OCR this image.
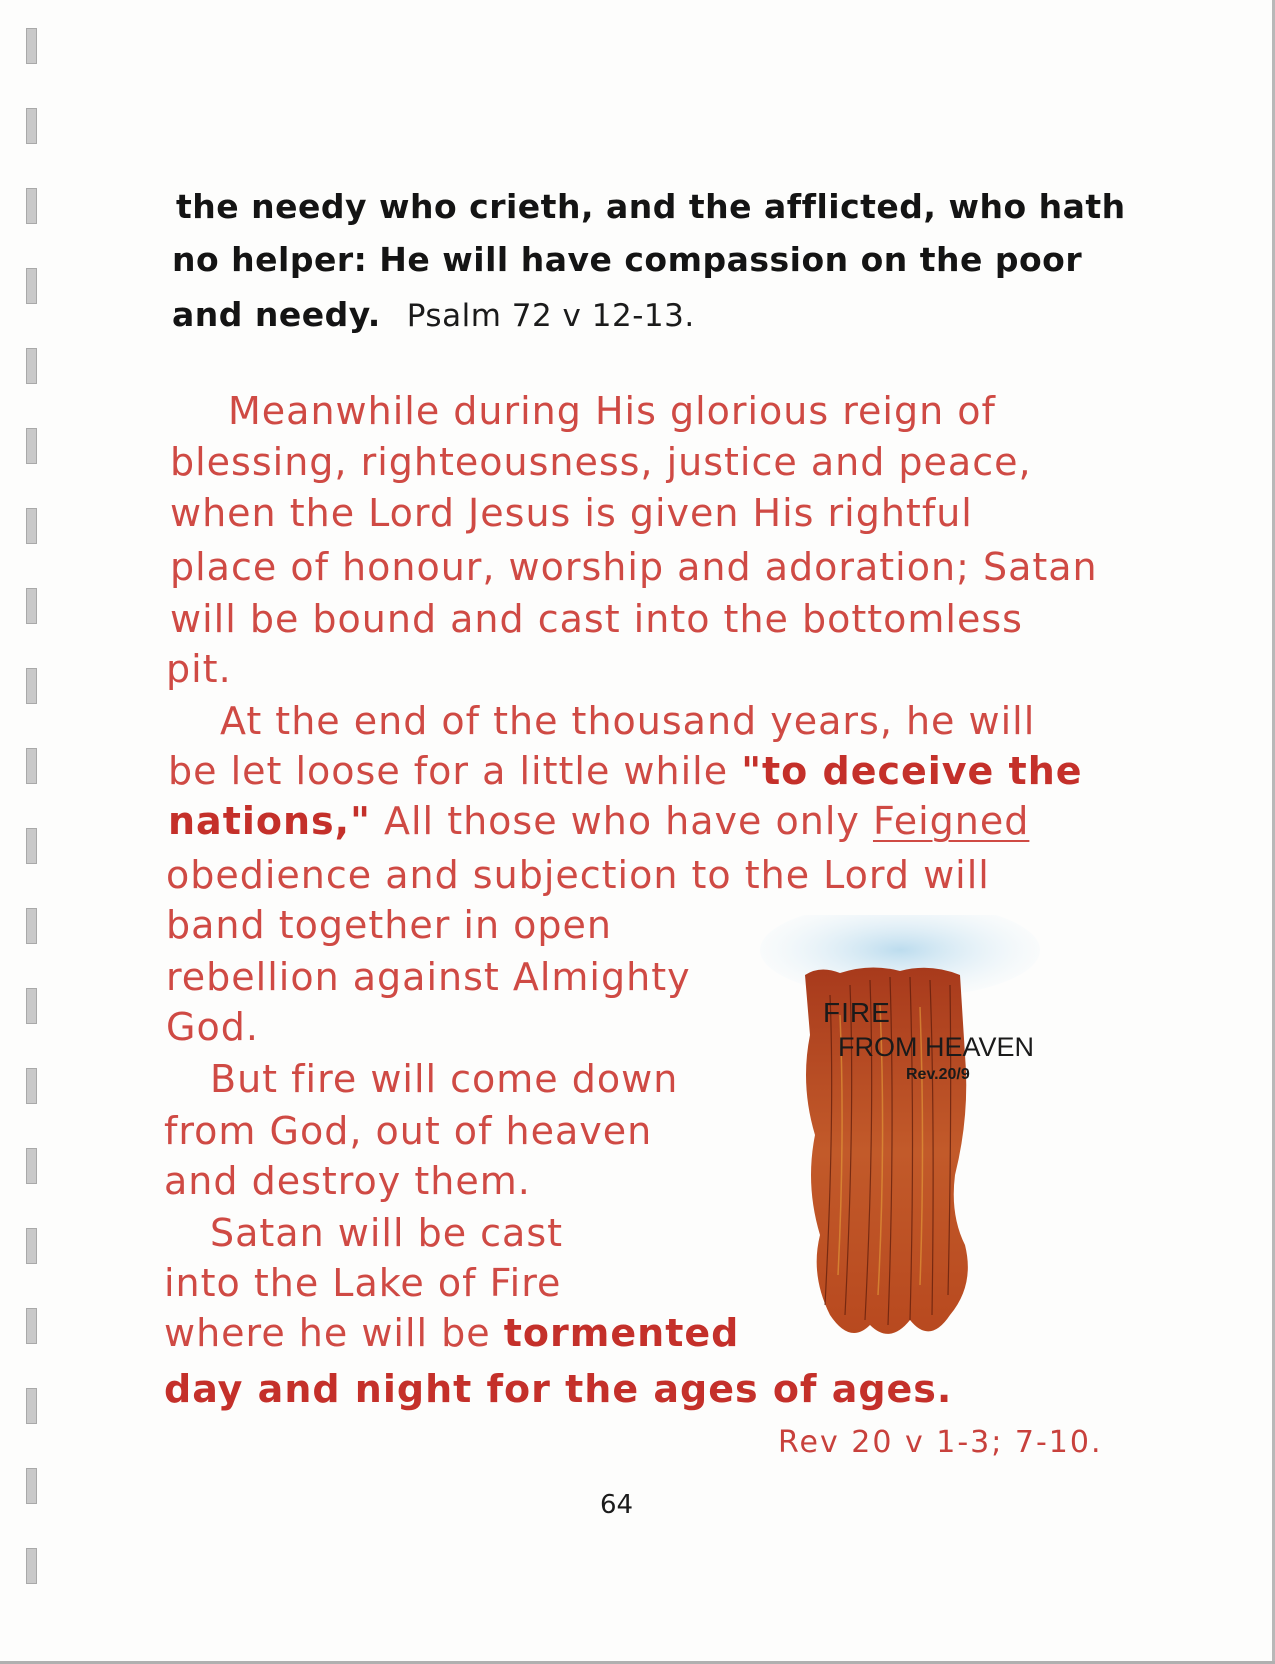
the needy who crieth, and the afflicted, who hath
no helper: He will have compassion on the poor
and needy. Psalm 72 v 12-13.
Meanwhile during His glorious reign of
blessing, righteousness, justice and peace,
when the Lord Jesus is given His rightful
place of honour, worship and adoration; Satan
will be bound and cast into the bottomless
pit.
At the end of the thousand years, he will
be let loose for a little while "to deceive the
nations," All those who have only Feigned
obedience and subjection to the Lord will
band together in open
rebellion against Almighty
God.
But fire will come down
from God, out of heaven
and destroy them.
Satan will be cast
into the Lake of Fire
where he will be tormented
day and night for the ages of ages.
Rev 20 v 1-3; 7-10.
FIRE
FROM HEAVEN
Rev.20/9
64
